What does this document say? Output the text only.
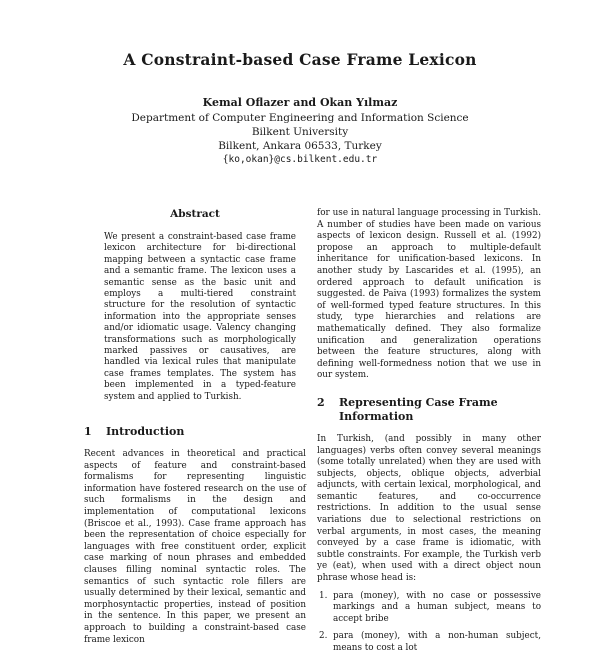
A Constraint-based Case Frame Lexicon
Kemal Oflazer and Okan Yılmaz
Department of Computer Engineering and Information Science
Bilkent University
Bilkent, Ankara 06533, Turkey
{ko,okan}@cs.bilkent.edu.tr
Abstract

We present a constraint-based case frame lexicon architecture for bi-directional mapping between a syntactic case frame and a semantic frame. The lexicon uses a semantic sense as the basic unit and employs a multi-tiered constraint structure for the resolution of syntactic information into the appropriate senses and/or idiomatic usage. Valency changing transformations such as morphologically marked passives or causatives, are handled via lexical rules that manipulate case frames templates. The system has been implemented in a typed-feature system and applied to Turkish.

1 Introduction

Recent advances in theoretical and practical aspects of feature and constraint-based formalisms for representing linguistic information have fostered research on the use of such formalisms in the design and implementation of computational lexicons (Briscoe et al., 1993). Case frame approach has been the representation of choice especially for languages with free constituent order, explicit case marking of noun phrases and embedded clauses filling nominal syntactic roles. The semantics of such syntactic role fillers are usually determined by their lexical, semantic and morphosyntactic properties, instead of position in the sentence. In this paper, we present an approach to building a constraint-based case frame lexicon

for use in natural language processing in Turkish. A number of studies have been made on various aspects of lexicon design. Russell et al. (1992) propose an approach to multiple-default inheritance for unification-based lexicons. In another study by Lascarides et al. (1995), an ordered approach to default unification is suggested. de Paiva (1993) formalizes the system of well-formed typed feature structures. In this study, type hierarchies and relations are mathematically defined. They also formalize unification and generalization operations between the feature structures, along with defining well-formedness notion that we use in our system.

2 Representing Case Frame
Information

In Turkish, (and possibly in many other languages) verbs often convey several meanings (some totally unrelated) when they are used with subjects, objects, oblique objects, adverbial adjuncts, with certain lexical, morphological, and semantic features, and co-occurrence restrictions. In addition to the usual sense variations due to selectional restrictions on verbal arguments, in most cases, the meaning conveyed by a case frame is idiomatic, with subtle constraints. For example, the Turkish verb ye (eat), when used with a direct object noun phrase whose head is:

1. para (money), with no case or possessive markings and a human subject, means to accept bribe
2. para (money), with a non-human subject, means to cost a lot
